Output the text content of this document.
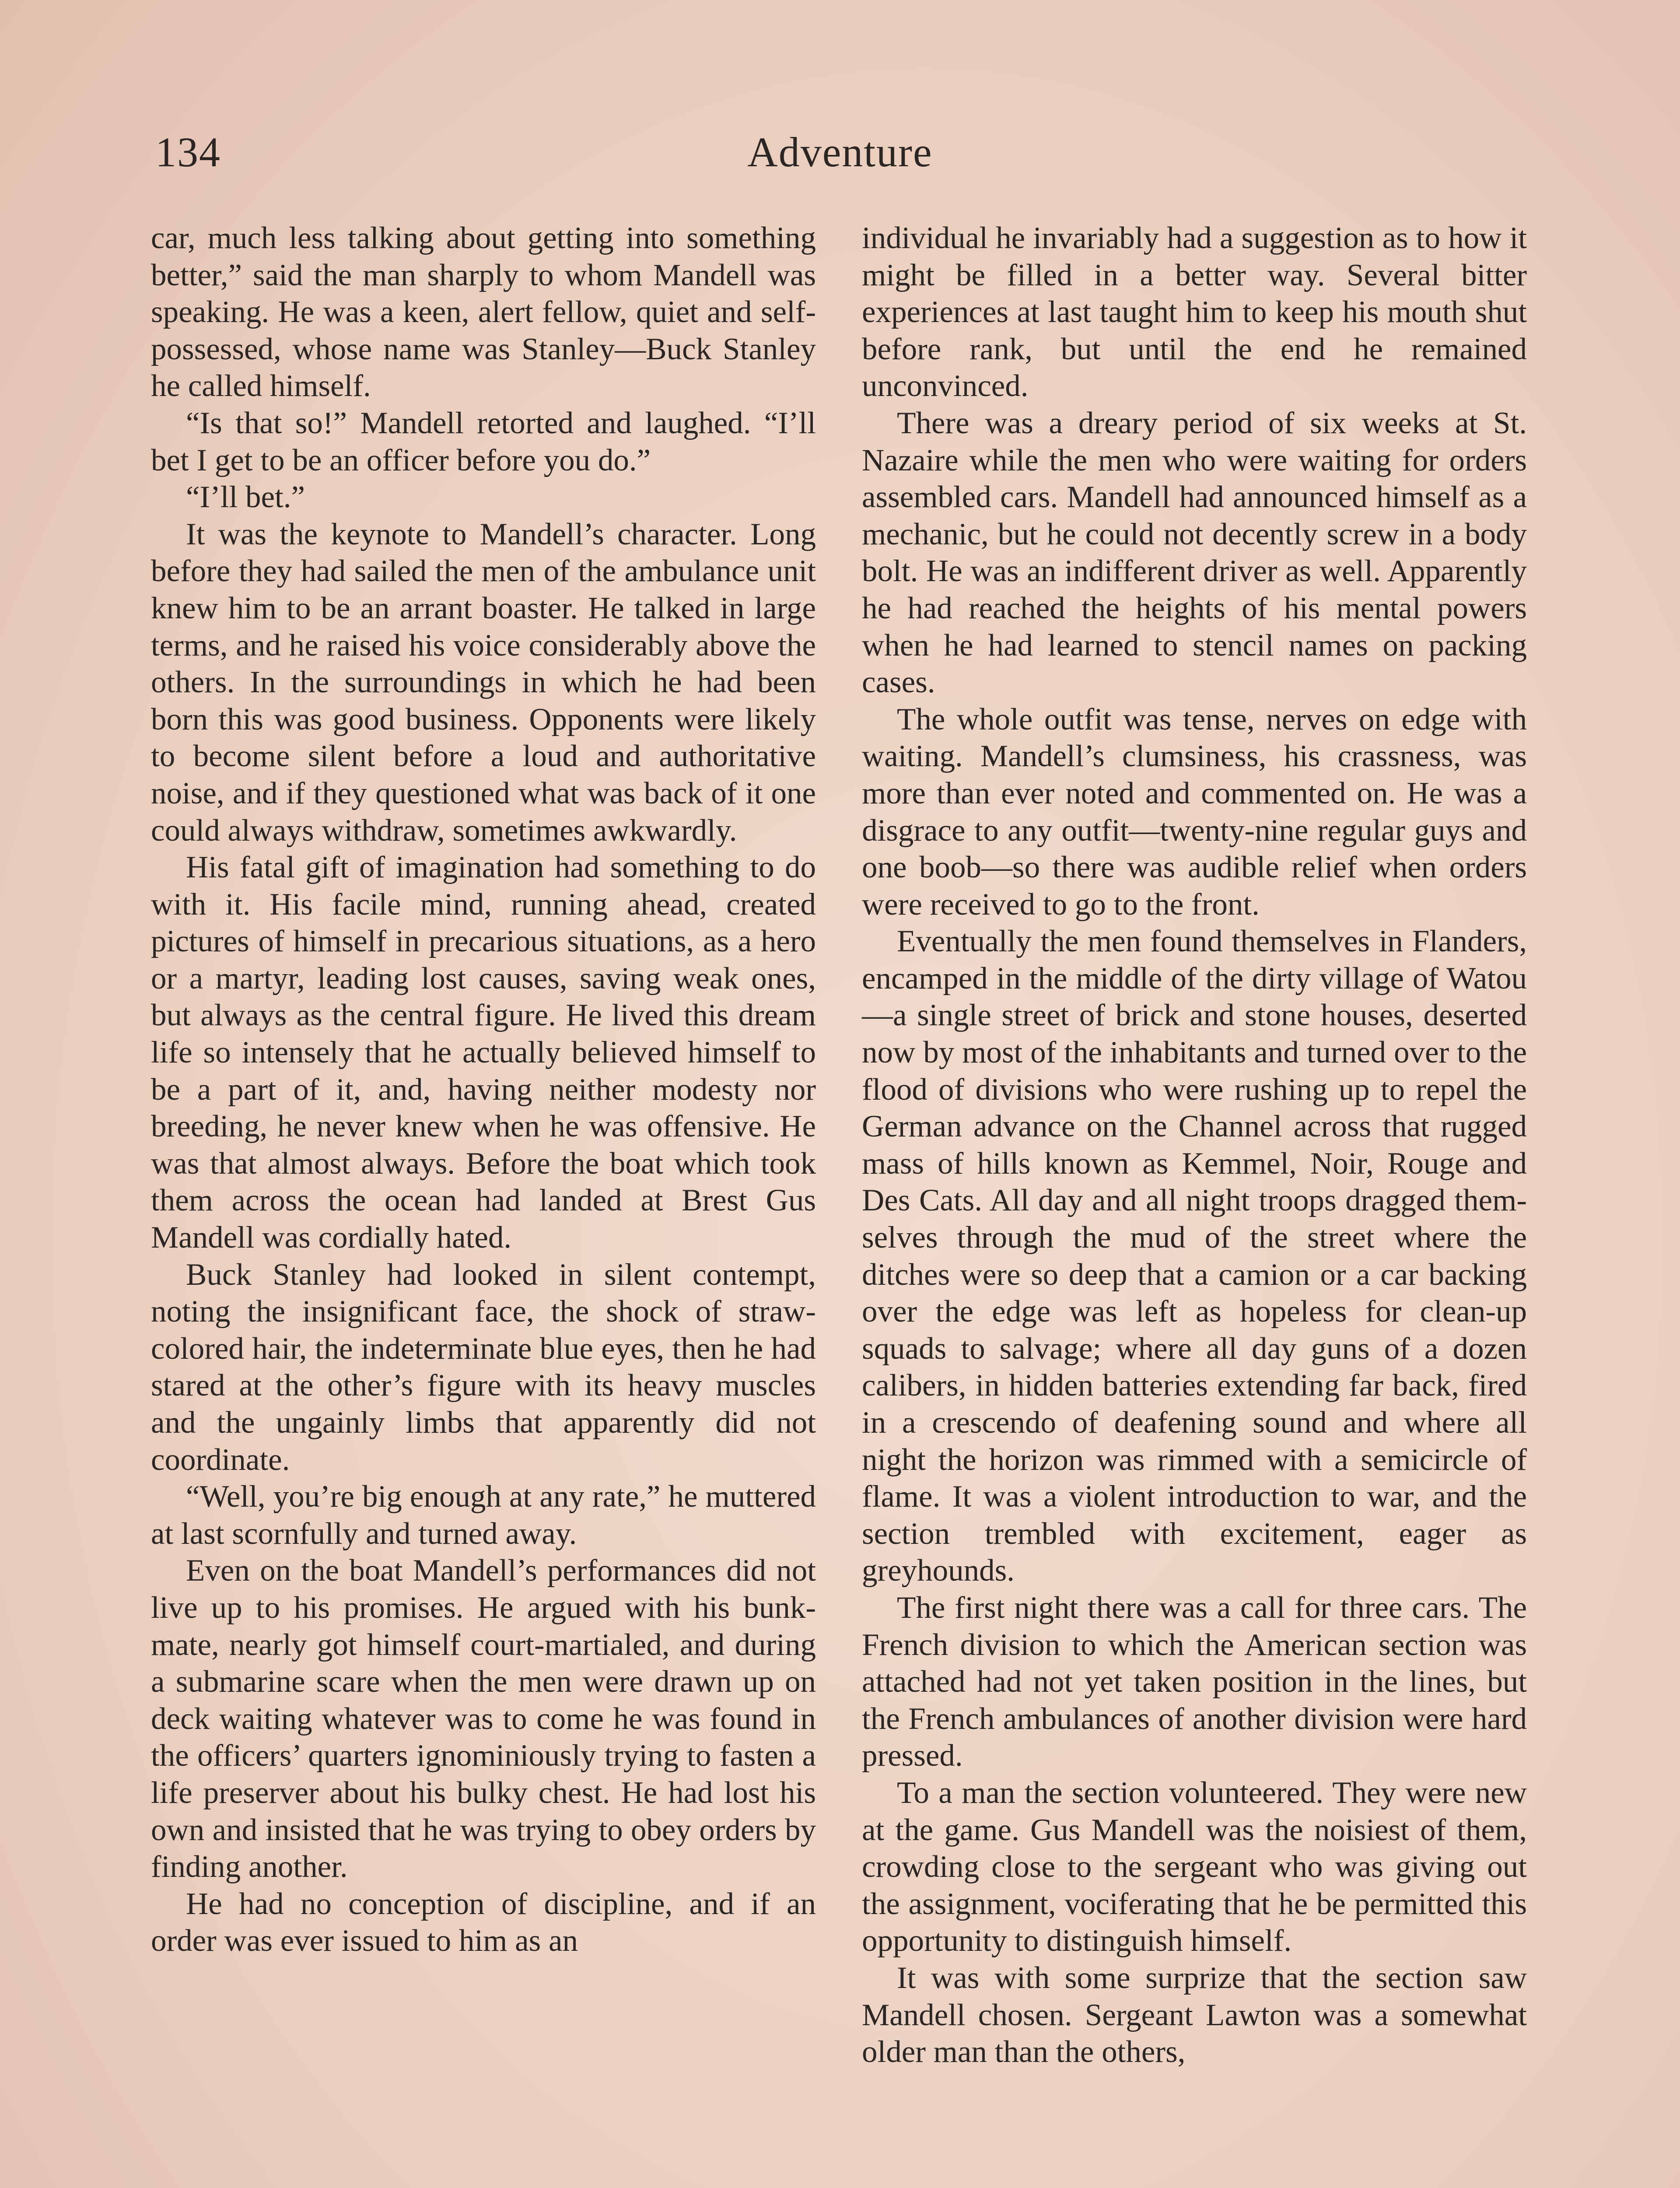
134	Adventure

car, much less talking about getting into something better,” said the man sharply to whom Mandell was speaking. He was a keen, alert fellow, quiet and self-possessed, whose name was Stanley—Buck Stanley he called himself.

“Is that so!” Mandell retorted and laughed. “I’ll bet I get to be an officer before you do.”

“I’ll bet.”

It was the keynote to Mandell’s character. Long before they had sailed the men of the ambulance unit knew him to be an arrant boaster. He talked in large terms, and he raised his voice considerably above the others. In the surroundings in which he had been born this was good business. Opponents were likely to become silent before a loud and authoritative noise, and if they questioned what was back of it one could always withdraw, sometimes awkwardly.

His fatal gift of imagination had something to do with it. His facile mind, running ahead, created pictures of himself in precarious situations, as a hero or a martyr, leading lost causes, saving weak ones, but always as the central figure. He lived this dream life so intensely that he actually believed himself to be a part of it, and, having neither modesty nor breeding, he never knew when he was offensive. He was that almost always. Before the boat which took them across the ocean had landed at Brest Gus Mandell was cordially hated.

Buck Stanley had looked in silent contempt, noting the insignificant face, the shock of straw-colored hair, the indeterminate blue eyes, then he had stared at the other’s figure with its heavy muscles and the ungainly limbs that apparently did not coordinate.

“Well, you’re big enough at any rate,” he muttered at last scornfully and turned away.

Even on the boat Mandell’s performances did not live up to his promises. He argued with his bunk-mate, nearly got himself court-martialed, and during a submarine scare when the men were drawn up on deck waiting whatever was to come he was found in the officers’ quarters ignominiously trying to fasten a life preserver about his bulky chest. He had lost his own and insisted that he was trying to obey orders by finding another.

He had no conception of discipline, and if an order was ever issued to him as an

individual he invariably had a suggestion as to how it might be filled in a better way. Several bitter experiences at last taught him to keep his mouth shut before rank, but until the end he remained unconvinced.

There was a dreary period of six weeks at St. Nazaire while the men who were waiting for orders assembled cars. Mandell had announced himself as a mechanic, but he could not decently screw in a body bolt. He was an indifferent driver as well. Apparently he had reached the heights of his mental powers when he had learned to stencil names on packing cases.

The whole outfit was tense, nerves on edge with waiting. Mandell’s clumsiness, his crassness, was more than ever noted and commented on. He was a disgrace to any outfit—twenty-nine regular guys and one boob—so there was audible relief when orders were received to go to the front.

Eventually the men found themselves in Flanders, encamped in the middle of the dirty village of Watou—a single street of brick and stone houses, deserted now by most of the inhabitants and turned over to the flood of divisions who were rushing up to repel the German advance on the Channel across that rugged mass of hills known as Kemmel, Noir, Rouge and Des Cats. All day and all night troops dragged themselves through the mud of the street where the ditches were so deep that a camion or a car backing over the edge was left as hopeless for clean-up squads to salvage; where all day guns of a dozen calibers, in hidden batteries extending far back, fired in a crescendo of deafening sound and where all night the horizon was rimmed with a semicircle of flame. It was a violent introduction to war, and the section trembled with excitement, eager as greyhounds.

The first night there was a call for three cars. The French division to which the American section was attached had not yet taken position in the lines, but the French ambulances of another division were hard pressed.

To a man the section volunteered. They were new at the game. Gus Mandell was the noisiest of them, crowding close to the sergeant who was giving out the assignment, vociferating that he be permitted this opportunity to distinguish himself.

It was with some surprize that the section saw Mandell chosen. Sergeant Lawton was a somewhat older man than the others,
